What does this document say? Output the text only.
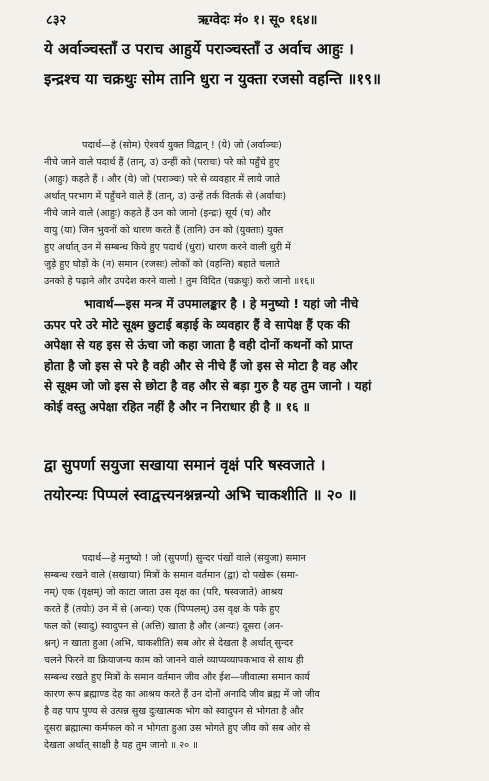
८३२	ऋग्वेदः मं० १। सू० १६४॥
ये अर्वाञ्चस्ताँ उ पराच आहुर्ये पराञ्चस्ताँ उ अर्वाच आहुः ।
इन्द्रश्च या चक्रथुः सोम तानि धुरा न युक्ता रजसो वहन्ति ॥१९॥
पदार्थ—हे (सोम) ऐश्वर्य युक्त विद्वान् ! (ये) जो (अर्वाञ्चः)
नीचे जाने वाले पदार्थ हैं (तान्, उ) उन्हीं को (पराचः) परे को पहुँचे हुए
(आहुः) कहते हैं । और (ये) जो (पराञ्चः) परे से व्यवहार में लाये जाते
अर्थात् परभाग में पहुँचने वाले हैं (तान्, उ) उन्हें तर्क वितर्क से (अर्वाचः)
नीचे जाने वाले (आहुः) कहते हैं उन को जानो (इन्द्रः) सूर्य (च) और
वायु (या) जिन भुवनों को धारण करते हैं (तानि) उन को (युक्ताः) युक्त
हुए अर्थात् उन में सम्बन्ध किये हुए पदार्थ (धुरा) धारण करने वाली धुरी में
जुड़े हुए घोड़ों के (न) समान (रजसः) लोकों को (वहन्ति) बहाते चलाते
उनको हे पढ़ाने और उपदेश करने वालो ! तुम विदित (चक्रथुः) करो जानो ॥१६॥
भावार्थ—इस मन्त्र में उपमालङ्कार है । हे मनुष्यो ! यहां जो नीचे
ऊपर परे उरे मोटे सूक्ष्म छुटाई बड़ाई के व्यवहार हैं वे सापेक्ष हैं एक की
अपेक्षा से यह इस से ऊंचा जो कहा जाता है वही दोनों कथनों को प्राप्त
होता है जो इस से परे है वही और से नीचे हैं जो इस से मोटा है वह और
से सूक्ष्म जो जो इस से छोटा है वह और से बड़ा गुरु है यह तुम जानो । यहां
कोई वस्तु अपेक्षा रहित नहीं है और न निराधार ही है ॥ १६ ॥
द्वा सुपर्णा सयुजा सखाया समानं वृक्षं परि षस्वजाते ।
तयोरन्यः पिप्पलं स्वाद्वत्त्यनश्नन्नन्यो अभि चाकशीति ॥ २० ॥
पदार्थ—हे मनुष्यो ! जो (सुपर्णा) सुन्दर पंखों वाले (सयुजा) समान
सम्बन्ध रखने वाले (सखाया) मित्रों के समान वर्तमान (द्वा) दो पखेरू (समा-
नम्) एक (वृक्षम्) जो काटा जाता उस वृक्ष का (परि, षस्वजाते) आश्रय
करते हैं (तयोः) उन में से (अन्यः) एक (पिप्पलम्) उस वृक्ष के पके हुए
फल को (स्वादु) स्वादुपन से (अत्ति) खाता है और (अन्यः) दूसरा (अन-
श्नन्) न खाता हुआ (अभि, चाकशीति) सब ओर से देखता है अर्थात् सुन्दर
चलने फिरने वा क्रियाजन्य काम को जानने वाले व्याप्यव्यापकभाव से साथ ही
सम्बन्ध रखते हुए मित्रों के समान वर्तमान जीव और ईश—जीवात्मा समान कार्य
कारण रूप ब्रह्माण्ड देह का आश्रय करते हैं उन दोनों अनादि जीव ब्रह्म में जो जीव
है वह पाप पुण्य से उत्पन्न सुख दुःखात्मक भोग को स्वादुपन से भोगता है और
दूसरा ब्रह्मात्मा कर्मफल को न भोगता हुआ उस भोगते हुए जीव को सब ओर से
देखता अर्थात् साक्षी है यह तुम जानो ॥ २० ॥
